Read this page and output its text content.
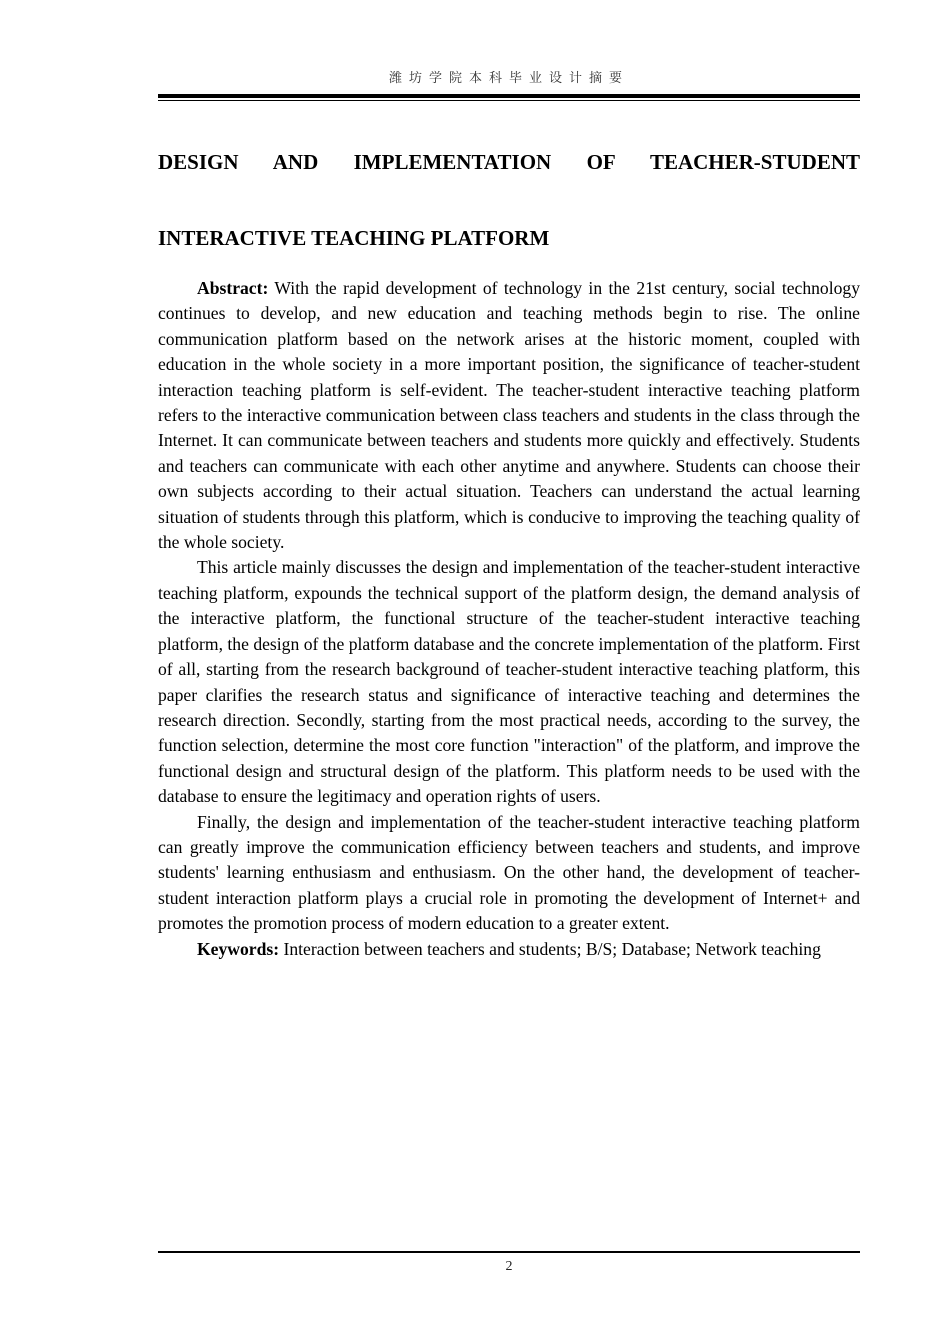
潍坊学院本科毕业设计摘要
DESIGN AND IMPLEMENTATION OF TEACHER-STUDENT
INTERACTIVE TEACHING PLATFORM

Abstract: With the rapid development of technology in the 21st century, social technology continues to develop, and new education and teaching methods begin to rise. The online communication platform based on the network arises at the historic moment, coupled with education in the whole society in a more important position, the significance of teacher-student interaction teaching platform is self-evident. The teacher-student interactive teaching platform refers to the interactive communication between class teachers and students in the class through the Internet. It can communicate between teachers and students more quickly and effectively. Students and teachers can communicate with each other anytime and anywhere. Students can choose their own subjects according to their actual situation. Teachers can understand the actual learning situation of students through this platform, which is conducive to improving the teaching quality of the whole society.

This article mainly discusses the design and implementation of the teacher-student interactive teaching platform, expounds the technical support of the platform design, the demand analysis of the interactive platform, the functional structure of the teacher-student interactive teaching platform, the design of the platform database and the concrete implementation of the platform. First of all, starting from the research background of teacher-student interactive teaching platform, this paper clarifies the research status and significance of interactive teaching and determines the research direction. Secondly, starting from the most practical needs, according to the survey, the function selection, determine the most core function "interaction" of the platform, and improve the functional design and structural design of the platform. This platform needs to be used with the database to ensure the legitimacy and operation rights of users.

Finally, the design and implementation of the teacher-student interactive teaching platform can greatly improve the communication efficiency between teachers and students, and improve students' learning enthusiasm and enthusiasm. On the other hand, the development of teacher-student interaction platform plays a crucial role in promoting the development of Internet+ and promotes the promotion process of modern education to a greater extent.

Keywords: Interaction between teachers and students; B/S; Database; Network teaching

2
